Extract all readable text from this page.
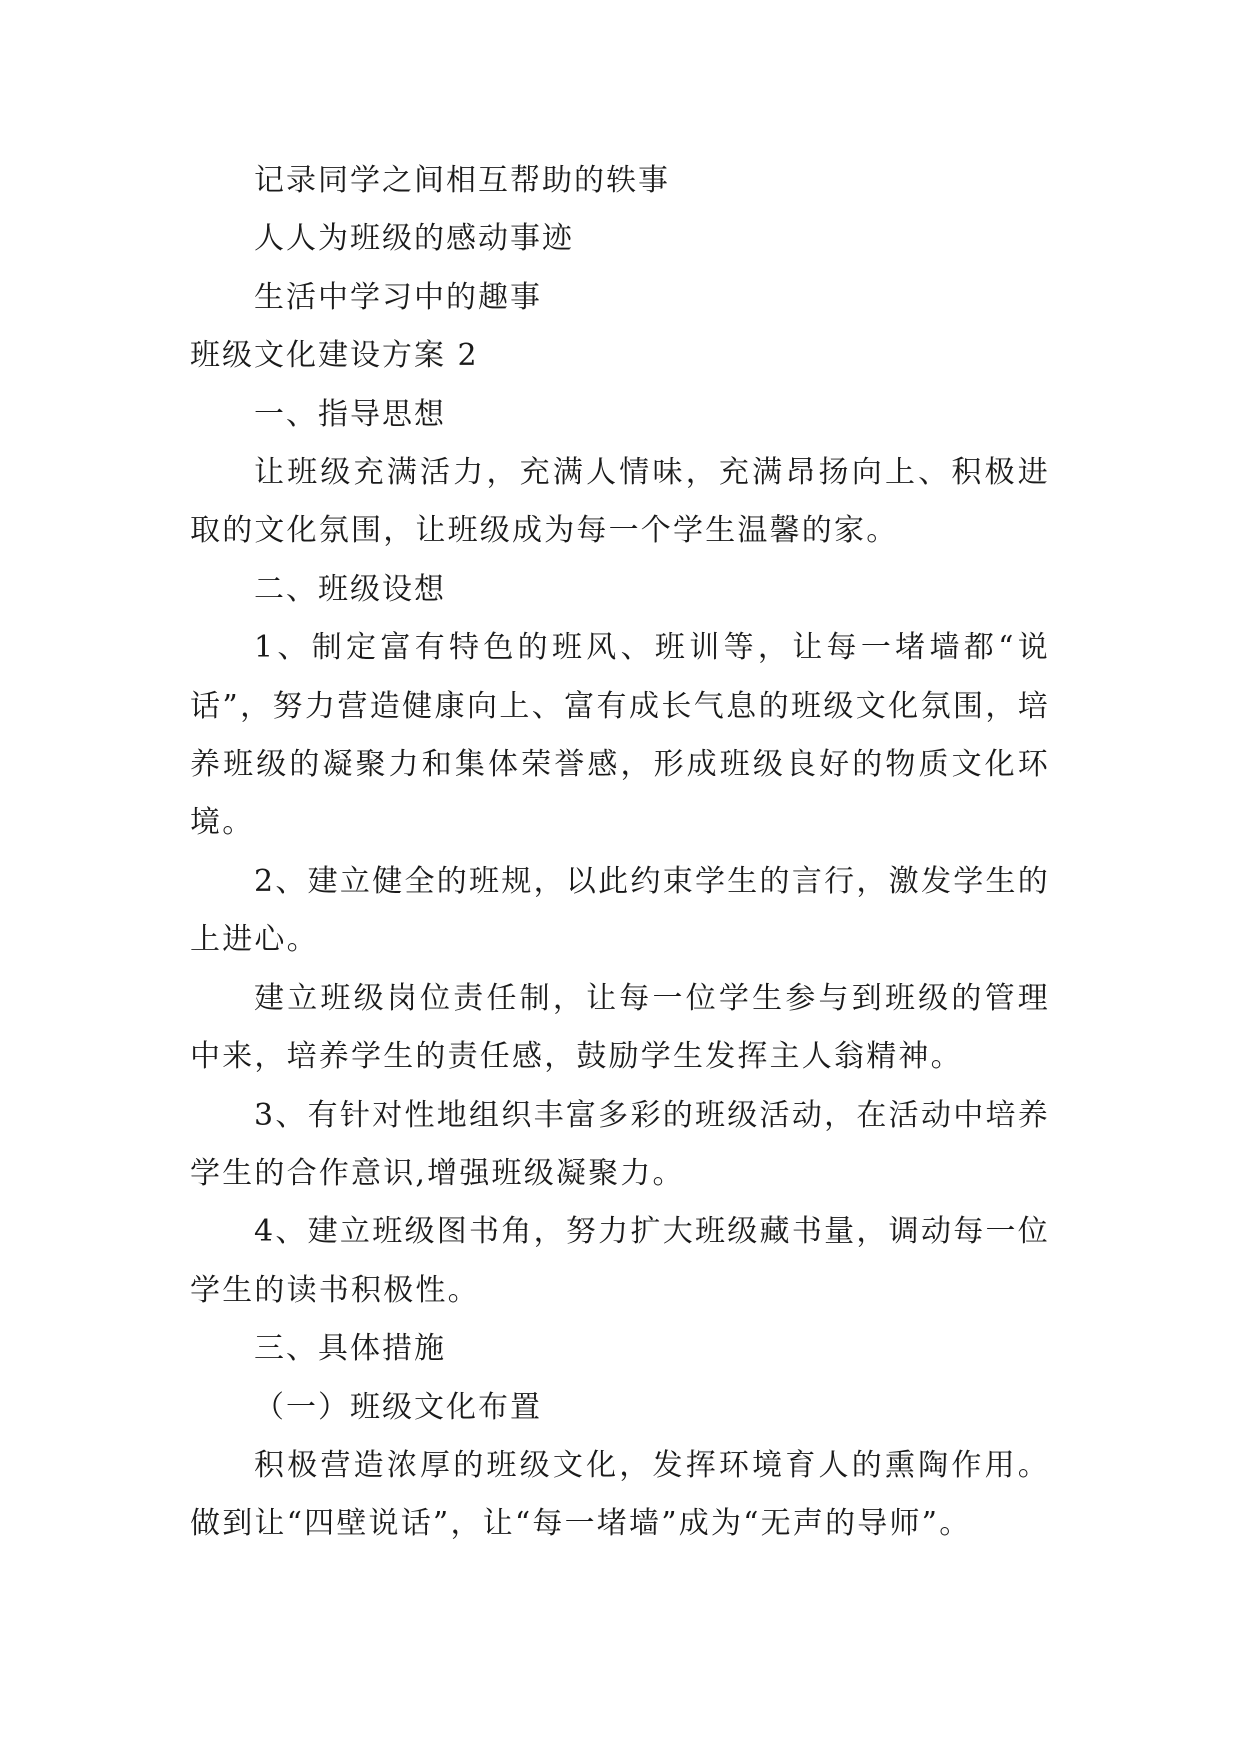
记录同学之间相互帮助的轶事
人人为班级的感动事迹
生活中学习中的趣事
班级文化建设方案 2
一、指导思想

让班级充满活力，充满人情味，充满昂扬向上、积极进取的文化氛围，让班级成为每一个学生温馨的家。

二、班级设想

1、制定富有特色的班风、班训等，让每一堵墙都“说话”，努力营造健康向上、富有成长气息的班级文化氛围，培养班级的凝聚力和集体荣誉感，形成班级良好的物质文化环境。

2、建立健全的班规，以此约束学生的言行，激发学生的上进心。

建立班级岗位责任制，让每一位学生参与到班级的管理中来，培养学生的责任感，鼓励学生发挥主人翁精神。

3、有针对性地组织丰富多彩的班级活动，在活动中培养学生的合作意识,增强班级凝聚力。

4、建立班级图书角，努力扩大班级藏书量，调动每一位学生的读书积极性。

三、具体措施
（一）班级文化布置

积极营造浓厚的班级文化，发挥环境育人的熏陶作用。做到让“四壁说话”，让“每一堵墙”成为“无声的导师”。
